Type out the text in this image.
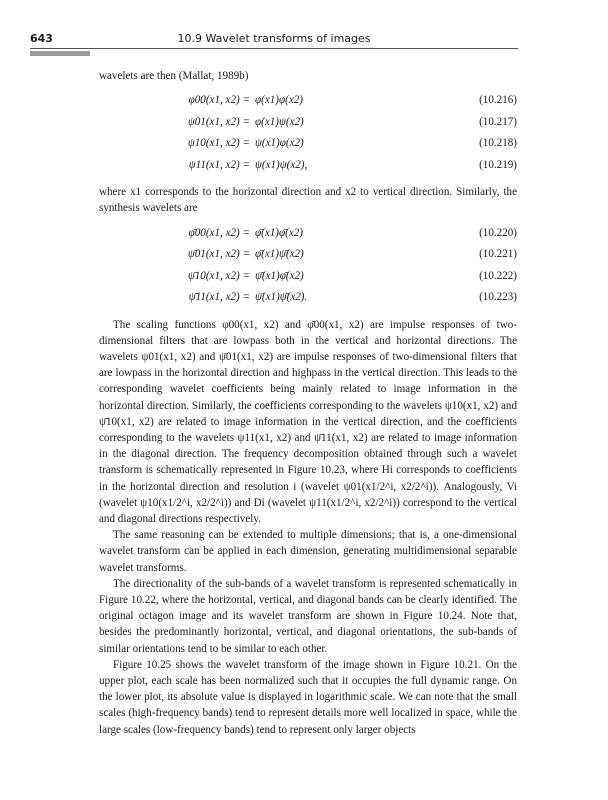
643	10.9 Wavelet transforms of images

wavelets are then (Mallat, 1989b)

φ00(x1, x2) = φ(x1)φ(x2)	(10.216)
ψ01(x1, x2) = φ(x1)ψ(x2)	(10.217)
ψ10(x1, x2) = ψ(x1)φ(x2)	(10.218)
ψ11(x1, x2) = ψ(x1)ψ(x2),	(10.219)

where x1 corresponds to the horizontal direction and x2 to vertical direction. Similarly, the synthesis wavelets are

φ̄00(x1, x2) = φ̄(x1)φ̄(x2)	(10.220)
ψ̄01(x1, x2) = φ̄(x1)ψ̄(x2)	(10.221)
ψ̄10(x1, x2) = ψ̄(x1)φ̄(x2)	(10.222)
ψ̄11(x1, x2) = ψ̄(x1)ψ̄(x2).	(10.223)

The scaling functions φ00(x1, x2) and φ̄00(x1, x2) are impulse responses of two-dimensional filters that are lowpass both in the vertical and horizontal directions. The wavelets ψ01(x1, x2) and ψ̄01(x1, x2) are impulse responses of two-dimensional filters that are lowpass in the horizontal direction and highpass in the vertical direction. This leads to the corresponding wavelet coefficients being mainly related to image information in the horizontal direction. Similarly, the coefficients corresponding to the wavelets ψ10(x1, x2) and ψ̄10(x1, x2) are related to image information in the vertical direction, and the coefficients corresponding to the wavelets ψ11(x1, x2) and ψ̄11(x1, x2) are related to image information in the diagonal direction. The frequency decomposition obtained through such a wavelet transform is schematically represented in Figure 10.23, where Hi corresponds to coefficients in the horizontal direction and resolution i (wavelet ψ01(x1/2^i, x2/2^i)). Analogously, Vi (wavelet ψ10(x1/2^i, x2/2^i)) and Di (wavelet ψ11(x1/2^i, x2/2^i)) correspond to the vertical and diagonal directions respectively.

The same reasoning can be extended to multiple dimensions; that is, a one-dimensional wavelet transform can be applied in each dimension, generating multidimensional separable wavelet transforms.

The directionality of the sub-bands of a wavelet transform is represented schematically in Figure 10.22, where the horizontal, vertical, and diagonal bands can be clearly identified. The original octagon image and its wavelet transform are shown in Figure 10.24. Note that, besides the predominantly horizontal, vertical, and diagonal orientations, the sub-bands of similar orientations tend to be similar to each other.

Figure 10.25 shows the wavelet transform of the image shown in Figure 10.21. On the upper plot, each scale has been normalized such that it occupies the full dynamic range. On the lower plot, its absolute value is displayed in logarithmic scale. We can note that the small scales (high-frequency bands) tend to represent details more well localized in space, while the large scales (low-frequency bands) tend to represent only larger objects
